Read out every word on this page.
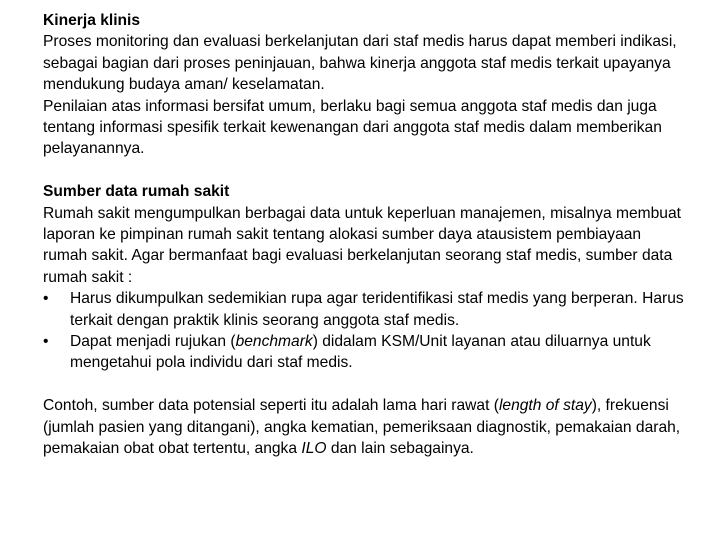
Kinerja klinis

Proses monitoring dan evaluasi berkelanjutan dari staf medis harus dapat memberi indikasi, sebagai bagian dari proses peninjauan, bahwa kinerja anggota staf medis terkait upayanya mendukung budaya aman/ keselamatan.

Penilaian atas informasi bersifat umum, berlaku bagi semua anggota staf medis dan juga tentang informasi spesifik terkait kewenangan dari anggota staf medis dalam memberikan pelayanannya.

Sumber data rumah sakit

Rumah sakit mengumpulkan berbagai data untuk keperluan manajemen, misalnya membuat laporan ke pimpinan rumah sakit tentang alokasi sumber daya atausistem pembiayaan rumah sakit. Agar bermanfaat bagi evaluasi berkelanjutan seorang staf medis, sumber data rumah sakit :

• Harus dikumpulkan sedemikian rupa agar teridentifikasi staf medis yang berperan. Harus terkait dengan praktik klinis seorang anggota staf medis.
• Dapat menjadi rujukan (benchmark) didalam KSM/Unit layanan atau diluarnya untuk mengetahui pola individu dari staf medis.

Contoh, sumber data potensial seperti itu adalah lama hari rawat (length of stay), frekuensi (jumlah pasien yang ditangani), angka kematian, pemeriksaan diagnostik, pemakaian darah, pemakaian obat obat tertentu, angka ILO dan lain sebagainya.
